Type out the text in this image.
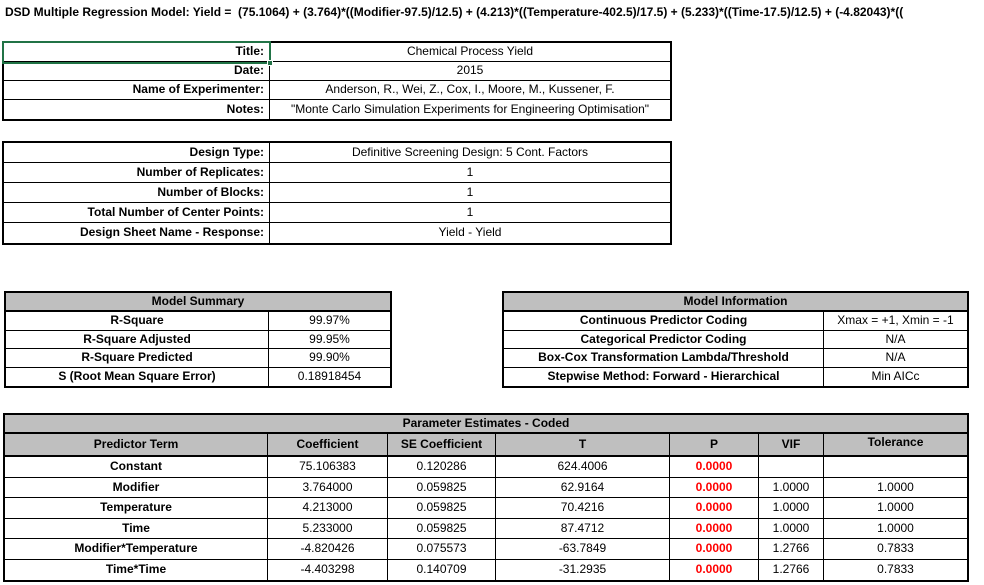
DSD Multiple Regression Model: Yield =  (75.1064) + (3.764)*((Modifier-97.5)/12.5) + (4.213)*((Temperature-402.5)/17.5) + (5.233)*((Time-17.5)/12.5) + (-4.82043)*((
Title:	Chemical Process Yield
Date:	2015
Name of Experimenter:	Anderson, R., Wei, Z., Cox, I., Moore, M., Kussener, F.
Notes:	"Monte Carlo Simulation Experiments for Engineering Optimisation"
Design Type:	Definitive Screening Design: 5 Cont. Factors
Number of Replicates:	1
Number of Blocks:	1
Total Number of Center Points:	1
Design Sheet Name - Response:	Yield - Yield
Model Summary
R-Square	99.97%
R-Square Adjusted	99.95%
R-Square Predicted	99.90%
S (Root Mean Square Error)	0.18918454
Model Information
Continuous Predictor Coding	Xmax = +1, Xmin = -1
Categorical Predictor Coding	N/A
Box-Cox Transformation Lambda/Threshold	N/A
Stepwise Method: Forward - Hierarchical	Min AICc
Parameter Estimates - Coded
Predictor Term	Coefficient	SE Coefficient	T	P	VIF	Tolerance
Constant	75.106383	0.120286	624.4006	0.0000
Modifier	3.764000	0.059825	62.9164	0.0000	1.0000	1.0000
Temperature	4.213000	0.059825	70.4216	0.0000	1.0000	1.0000
Time	5.233000	0.059825	87.4712	0.0000	1.0000	1.0000
Modifier*Temperature	-4.820426	0.075573	-63.7849	0.0000	1.2766	0.7833
Time*Time	-4.403298	0.140709	-31.2935	0.0000	1.2766	0.7833
